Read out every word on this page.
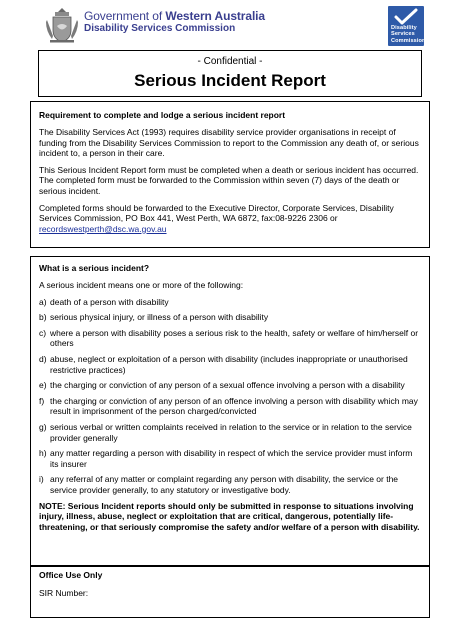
Government of Western Australia
Disability Services Commission	Disability
Services
Commission
- Confidential -
Serious Incident Report
Requirement to complete and lodge a serious incident report
The Disability Services Act (1993) requires disability service provider organisations in receipt of funding from the Disability Services Commission to report to the Commission any death of, or serious incident to, a person in their care.
This Serious Incident Report form must be completed when a death or serious incident has occurred. The completed form must be forwarded to the Commission within seven (7) days of the death or serious incident.
Completed forms should be forwarded to the Executive Director, Corporate Services, Disability Services Commission, PO Box 441, West Perth, WA 6872, fax:08-9226 2306 or
recordswestperth@dsc.wa.gov.au
What is a serious incident?
A serious incident means one or more of the following:
a) death of a person with disability
b) serious physical injury, or illness of a person with disability
c) where a person with disability poses a serious risk to the health, safety or welfare of him/herself or others
d) abuse, neglect or exploitation of a person with disability (includes inappropriate or unauthorised restrictive practices)
e) the charging or conviction of any person of a sexual offence involving a person with a disability
f) the charging or conviction of any person of an offence involving a person with disability which may result in imprisonment of the person charged/convicted
g) serious verbal or written complaints received in relation to the service or in relation to the service provider generally
h) any matter regarding a person with disability in respect of which the service provider must inform its insurer
i) any referral of any matter or complaint regarding any person with disability, the service or the service provider generally, to any statutory or investigative body.
NOTE: Serious Incident reports should only be submitted in response to situations involving injury, illness, abuse, neglect or exploitation that are critical, dangerous, potentially life-threatening, or that seriously compromise the safety and/or welfare of a person with disability.
Office Use Only
SIR Number:
